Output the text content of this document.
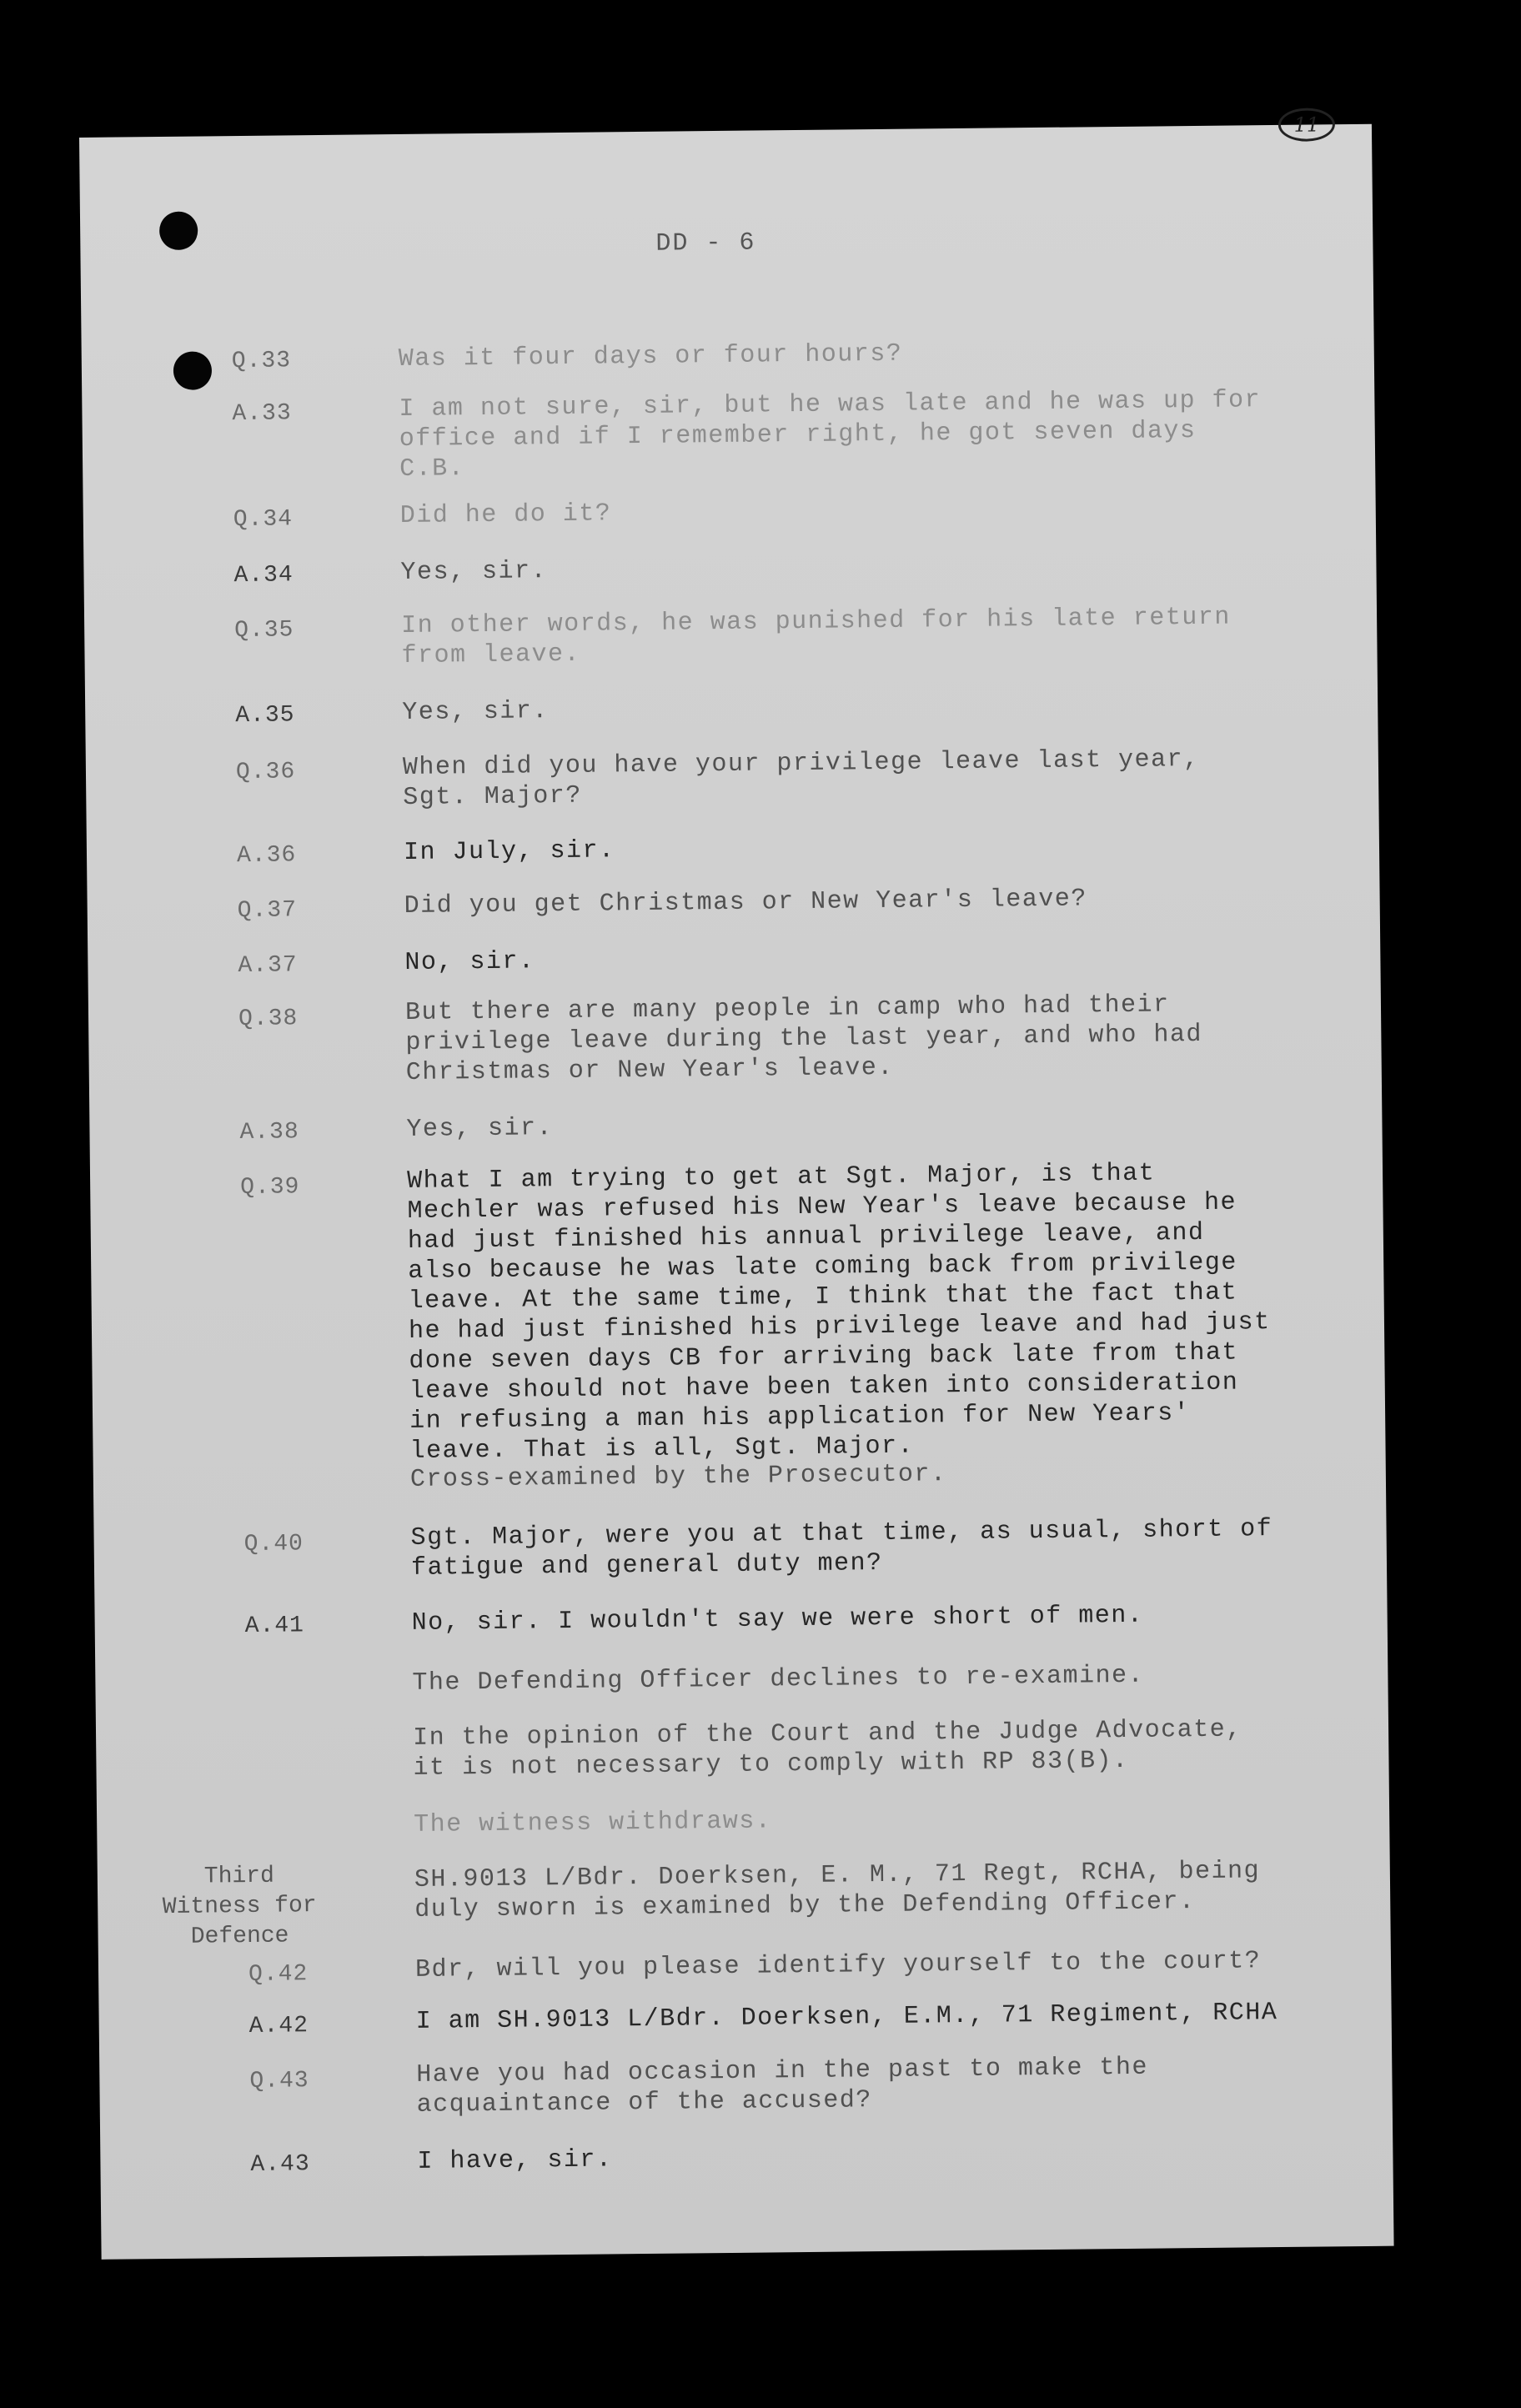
11
DD - 6
Q.33	Was it four days or four hours?
A.33	I am not sure, sir, but he was late and he was up for office and if I remember right, he got seven days C.B.
Q.34	Did he do it?
A.34	Yes, sir.
Q.35	In other words, he was punished for his late return from leave.
A.35	Yes, sir.
Q.36	When did you have your privilege leave last year, Sgt. Major?
A.36	In July, sir.
Q.37	Did you get Christmas or New Year's leave?
A.37	No, sir.
Q.38	But there are many people in camp who had their privilege leave during the last year, and who had Christmas or New Year's leave.
A.38	Yes, sir.
Q.39	What I am trying to get at Sgt. Major, is that Mechler was refused his New Year's leave because he had just finished his annual privilege leave, and also because he was late coming back from privilege leave. At the same time, I think that the fact that he had just finished his privilege leave and had just done seven days CB for arriving back late from that leave should not have been taken into consideration in refusing a man his application for New Years' leave. That is all, Sgt. Major.
Cross-examined by the Prosecutor.
Q.40	Sgt. Major, were you at that time, as usual, short of fatigue and general duty men?
A.41	No, sir. I wouldn't say we were short of men.
The Defending Officer declines to re-examine.
In the opinion of the Court and the Judge Advocate, it is not necessary to comply with RP 83(B).
The witness withdraws.
Third Witness for Defence
SH.9013 L/Bdr. Doerksen, E. M., 71 Regt, RCHA, being duly sworn is examined by the Defending Officer.
Q.42	Bdr, will you please identify yourself to the court?
A.42	I am SH.9013 L/Bdr. Doerksen, E.M., 71 Regiment, RCHA
Q.43	Have you had occasion in the past to make the acquaintance of the accused?
A.43	I have, sir.
